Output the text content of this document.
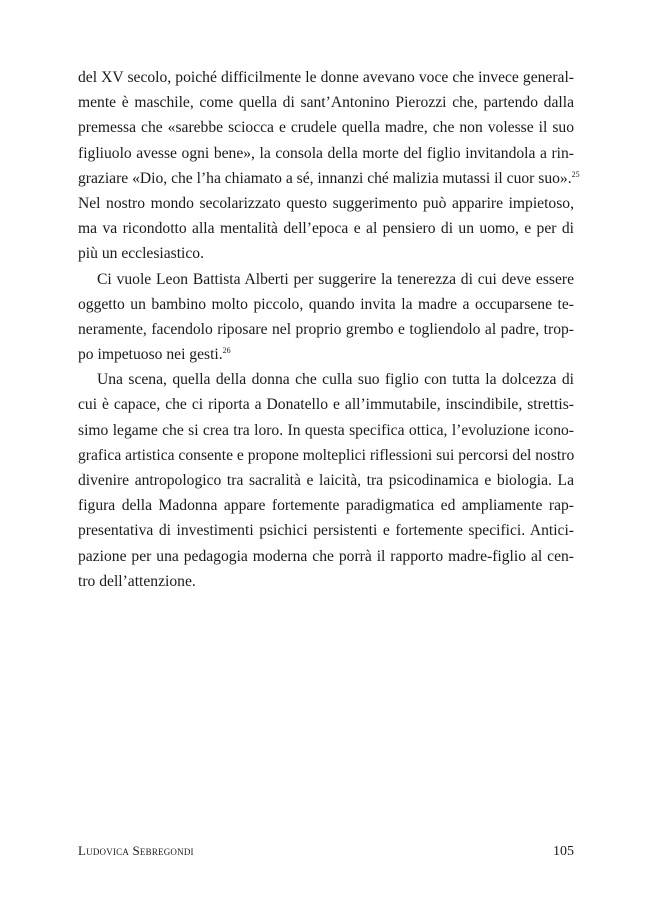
del XV secolo, poiché difficilmente le donne avevano voce che invece general-
mente è maschile, come quella di sant’Antonino Pierozzi che, partendo dalla
premessa che «sarebbe sciocca e crudele quella madre, che non volesse il suo
figliuolo avesse ogni bene», la consola della morte del figlio invitandola a rin-
graziare «Dio, che l’ha chiamato a sé, innanzi ché malizia mutassi il cuor suo».$^{25}$
Nel nostro mondo secolarizzato questo suggerimento può apparire impietoso,
ma va ricondotto alla mentalità dell’epoca e al pensiero di un uomo, e per di
più un ecclesiastico.
Ci vuole Leon Battista Alberti per suggerire la tenerezza di cui deve essere
oggetto un bambino molto piccolo, quando invita la madre a occuparsene te-
neramente, facendolo riposare nel proprio grembo e togliendolo al padre, trop-
po impetuoso nei gesti.$^{26}$
Una scena, quella della donna che culla suo figlio con tutta la dolcezza di
cui è capace, che ci riporta a Donatello e all’immutabile, inscindibile, strettis-
simo legame che si crea tra loro. In questa specifica ottica, l’evoluzione icono-
grafica artistica consente e propone molteplici riflessioni sui percorsi del nostro
divenire antropologico tra sacralità e laicità, tra psicodinamica e biologia. La
figura della Madonna appare fortemente paradigmatica ed ampliamente rap-
presentativa di investimenti psichici persistenti e fortemente specifici. Antici-
pazione per una pedagogia moderna che porrà il rapporto madre-figlio al cen-
tro dell’attenzione.
Ludovica Sebregondi	105
